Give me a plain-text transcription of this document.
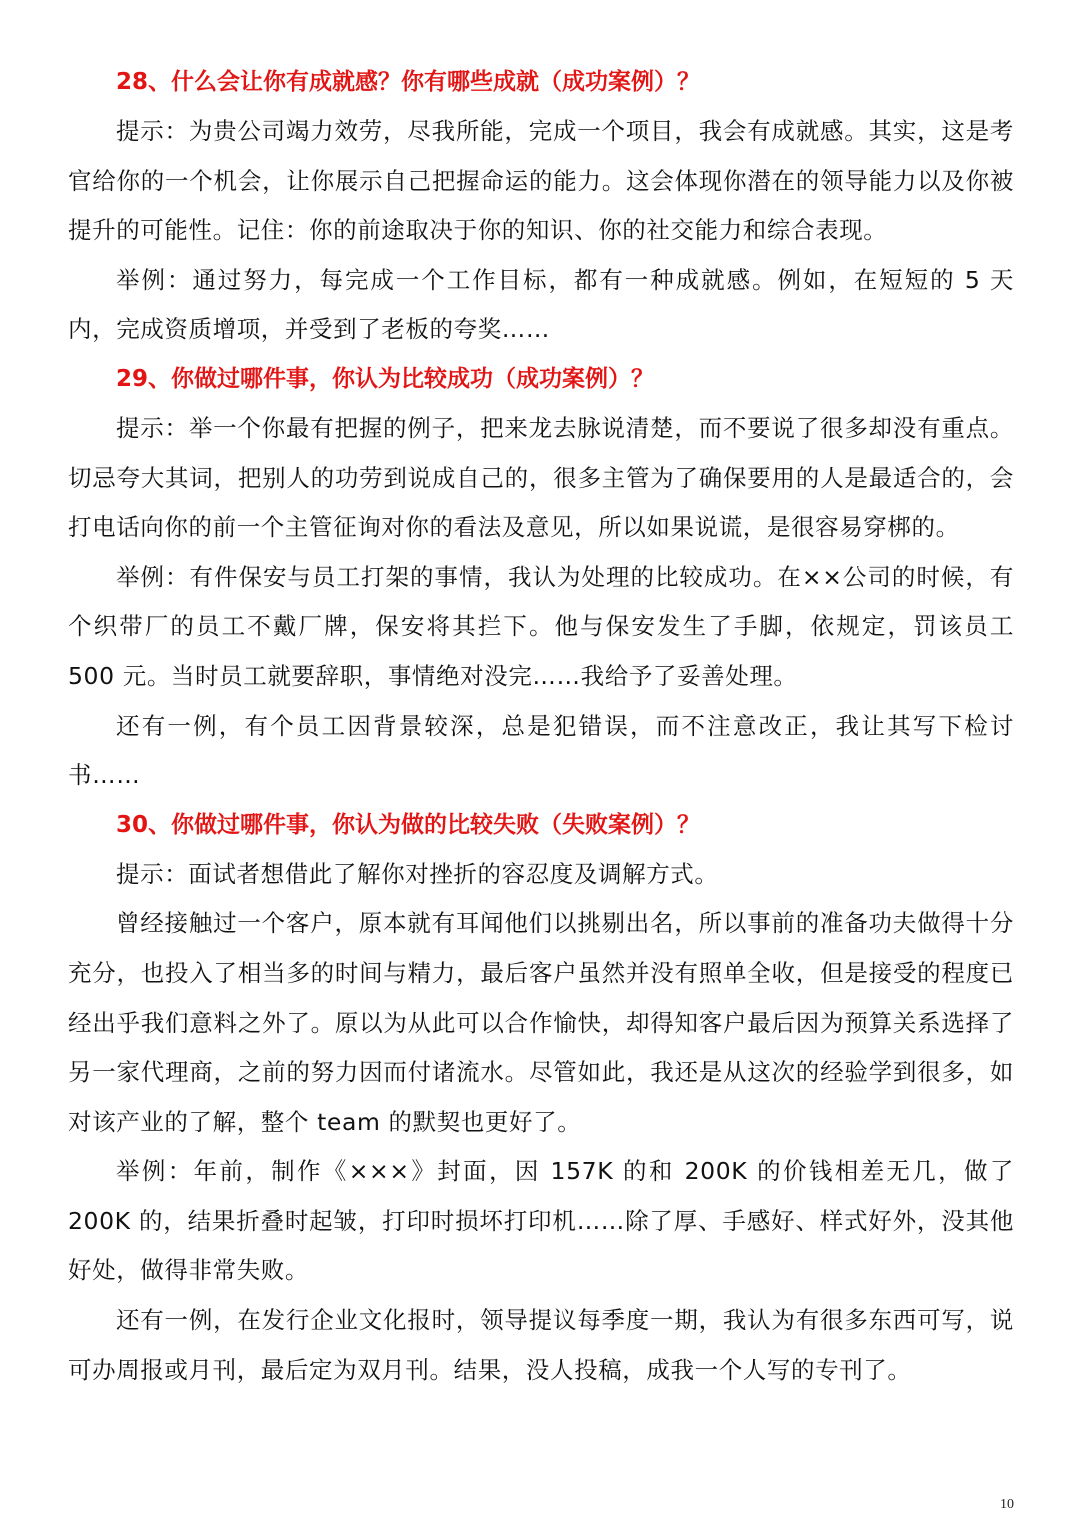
28、什么会让你有成就感？你有哪些成就（成功案例）？

提示：为贵公司竭力效劳，尽我所能，完成一个项目，我会有成就感。其实，这是考官给你的一个机会，让你展示自己把握命运的能力。这会体现你潜在的领导能力以及你被提升的可能性。记住：你的前途取决于你的知识、你的社交能力和综合表现。

举例：通过努力，每完成一个工作目标，都有一种成就感。例如，在短短的 5 天内，完成资质增项，并受到了老板的夸奖……

29、你做过哪件事，你认为比较成功（成功案例）？

提示：举一个你最有把握的例子，把来龙去脉说清楚，而不要说了很多却没有重点。切忌夸大其词，把别人的功劳到说成自己的，很多主管为了确保要用的人是最适合的，会打电话向你的前一个主管征询对你的看法及意见，所以如果说谎，是很容易穿梆的。

举例：有件保安与员工打架的事情，我认为处理的比较成功。在××公司的时候，有个织带厂的员工不戴厂牌，保安将其拦下。他与保安发生了手脚，依规定，罚该员工 500 元。当时员工就要辞职，事情绝对没完……我给予了妥善处理。

还有一例，有个员工因背景较深，总是犯错误，而不注意改正，我让其写下检讨书……

30、你做过哪件事，你认为做的比较失败（失败案例）？

提示：面试者想借此了解你对挫折的容忍度及调解方式。

曾经接触过一个客户，原本就有耳闻他们以挑剔出名，所以事前的准备功夫做得十分充分，也投入了相当多的时间与精力，最后客户虽然并没有照单全收，但是接受的程度已经出乎我们意料之外了。原以为从此可以合作愉快，却得知客户最后因为预算关系选择了另一家代理商，之前的努力因而付诸流水。尽管如此，我还是从这次的经验学到很多，如对该产业的了解，整个 team 的默契也更好了。

举例：年前，制作《×××》封面，因 157K 的和 200K 的价钱相差无几，做了 200K 的，结果折叠时起皱，打印时损坏打印机……除了厚、手感好、样式好外，没其他好处，做得非常失败。

还有一例，在发行企业文化报时，领导提议每季度一期，我认为有很多东西可写，说可办周报或月刊，最后定为双月刊。结果，没人投稿，成我一个人写的专刊了。

10
